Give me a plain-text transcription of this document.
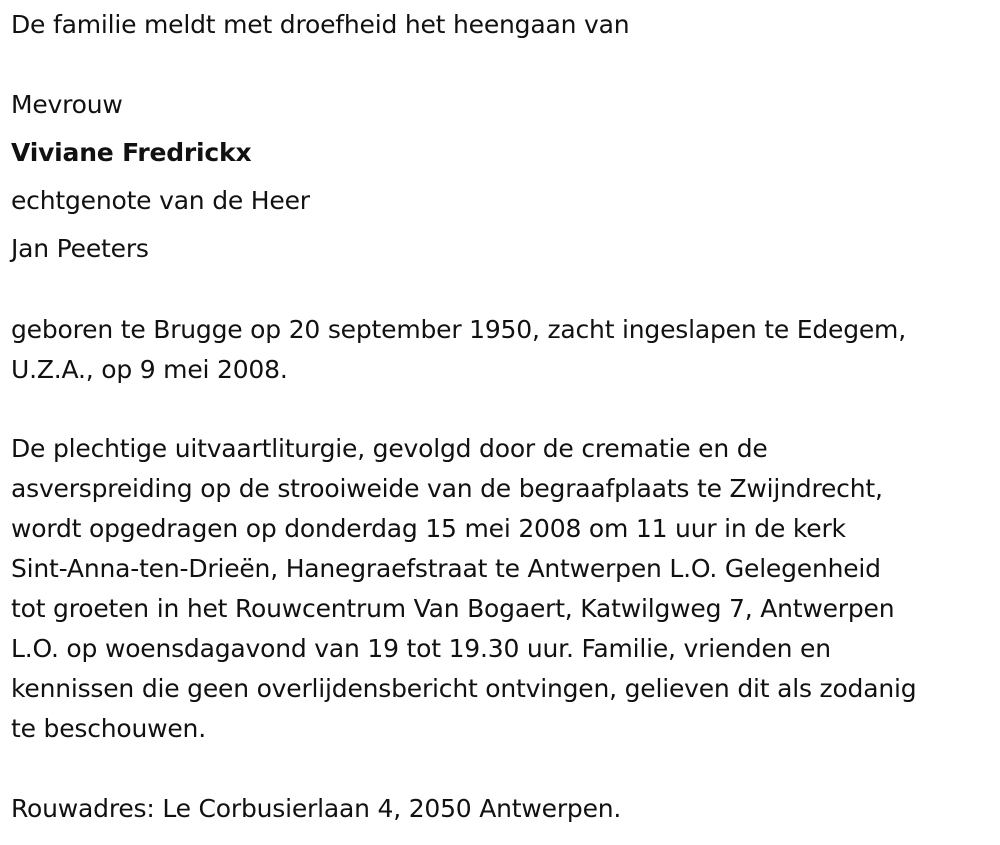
De familie meldt met droefheid het heengaan van
Mevrouw
Viviane Fredrickx
echtgenote van de Heer
Jan Peeters
geboren te Brugge op 20 september 1950, zacht ingeslapen te Edegem,
U.Z.A., op 9 mei 2008.
De plechtige uitvaartliturgie, gevolgd door de crematie en de
asverspreiding op de strooiweide van de begraafplaats te Zwijndrecht,
wordt opgedragen op donderdag 15 mei 2008 om 11 uur in de kerk
Sint-Anna-ten-Drieën, Hanegraefstraat te Antwerpen L.O. Gelegenheid
tot groeten in het Rouwcentrum Van Bogaert, Katwilgweg 7, Antwerpen
L.O. op woensdagavond van 19 tot 19.30 uur. Familie, vrienden en
kennissen die geen overlijdensbericht ontvingen, gelieven dit als zodanig
te beschouwen.
Rouwadres: Le Corbusierlaan 4, 2050 Antwerpen.
